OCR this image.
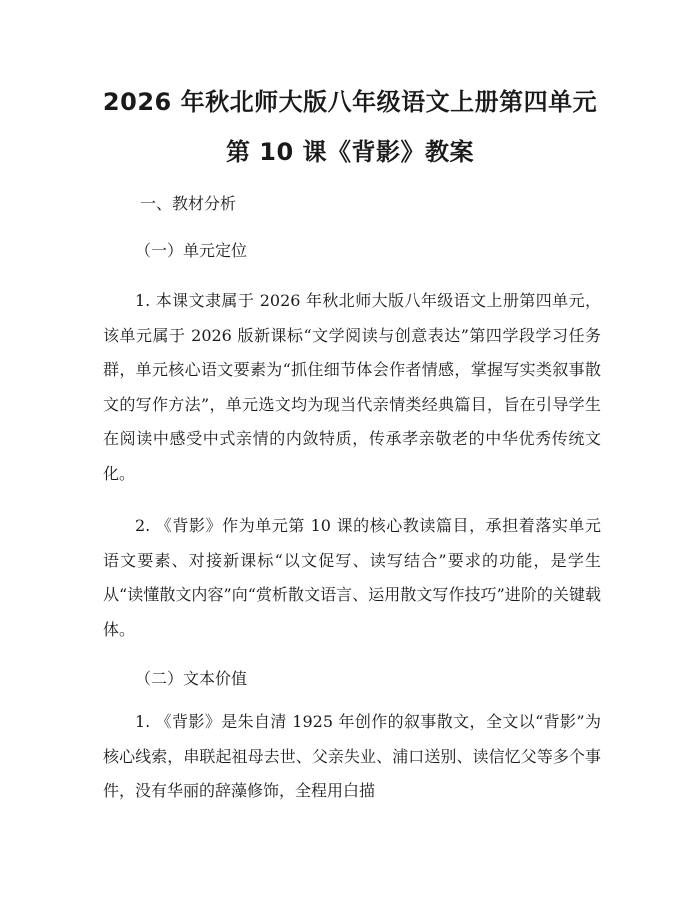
2026 年秋北师大版八年级语文上册第四单元
第 10 课《背影》教案
一、教材分析
（一）单元定位
1. 本课文隶属于 2026 年秋北师大版八年级语文上册第四单元，该单元属于 2026 版新课标“文学阅读与创意表达”第四学段学习任务群，单元核心语文要素为“抓住细节体会作者情感，掌握写实类叙事散文的写作方法”，单元选文均为现当代亲情类经典篇目，旨在引导学生在阅读中感受中式亲情的内敛特质，传承孝亲敬老的中华优秀传统文化。
2. 《背影》作为单元第 10 课的核心教读篇目，承担着落实单元语文要素、对接新课标“以文促写、读写结合”要求的功能，是学生从“读懂散文内容”向“赏析散文语言、运用散文写作技巧”进阶的关键载体。
（二）文本价值
1. 《背影》是朱自清 1925 年创作的叙事散文，全文以“背影”为核心线索，串联起祖母去世、父亲失业、浦口送别、读信忆父等多个事件，没有华丽的辞藻修饰，全程用白描
